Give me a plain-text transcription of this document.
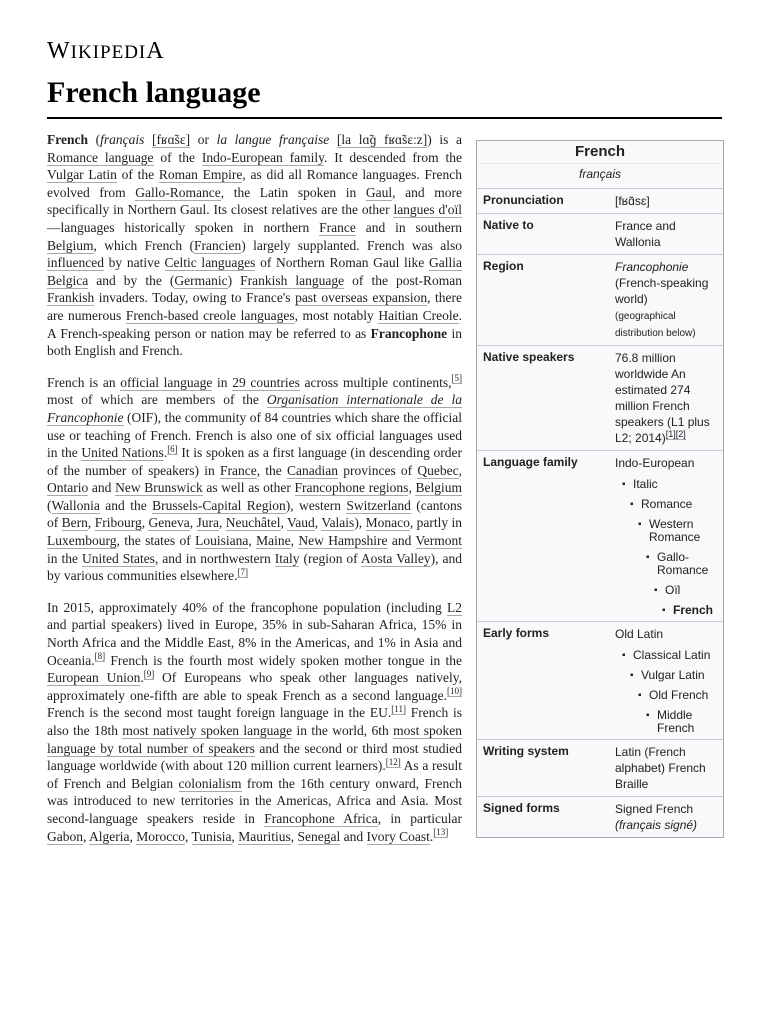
WIKIPEDIA
French language

French (français [fʁɑ̃sɛ] or la langue française [la lɑ̃ɡ fʁɑ̃sɛːz]) is a Romance language of the Indo-European family. It descended from the Vulgar Latin of the Roman Empire, as did all Romance languages. French evolved from Gallo-Romance, the Latin spoken in Gaul, and more specifically in Northern Gaul. Its closest relatives are the other langues d'oïl—languages historically spoken in northern France and in southern Belgium, which French (Francien) largely supplanted. French was also influenced by native Celtic languages of Northern Roman Gaul like Gallia Belgica and by the (Germanic) Frankish language of the post-Roman Frankish invaders. Today, owing to France's past overseas expansion, there are numerous French-based creole languages, most notably Haitian Creole. A French-speaking person or nation may be referred to as Francophone in both English and French.

French is an official language in 29 countries across multiple continents,[5] most of which are members of the Organisation internationale de la Francophonie (OIF), the community of 84 countries which share the official use or teaching of French. French is also one of six official languages used in the United Nations.[6] It is spoken as a first language (in descending order of the number of speakers) in France, the Canadian provinces of Quebec, Ontario and New Brunswick as well as other Francophone regions, Belgium (Wallonia and the Brussels-Capital Region), western Switzerland (cantons of Bern, Fribourg, Geneva, Jura, Neuchâtel, Vaud, Valais), Monaco, partly in Luxembourg, the states of Louisiana, Maine, New Hampshire and Vermont in the United States, and in northwestern Italy (region of Aosta Valley), and by various communities elsewhere.[7]

In 2015, approximately 40% of the francophone population (including L2 and partial speakers) lived in Europe, 35% in sub-Saharan Africa, 15% in North Africa and the Middle East, 8% in the Americas, and 1% in Asia and Oceania.[8] French is the fourth most widely spoken mother tongue in the European Union.[9] Of Europeans who speak other languages natively, approximately one-fifth are able to speak French as a second language.[10] French is the second most taught foreign language in the EU.[11] French is also the 18th most natively spoken language in the world, 6th most spoken language by total number of speakers and the second or third most studied language worldwide (with about 120 million current learners).[12] As a result of French and Belgian colonialism from the 16th century onward, French was introduced to new territories in the Americas, Africa and Asia. Most second-language speakers reside in Francophone Africa, in particular Gabon, Algeria, Morocco, Tunisia, Mauritius, Senegal and Ivory Coast.[13]

French
français
Pronunciation	[fʁɑ̃sɛ]
Native to	France and Wallonia
Region	Francophonie
(French-speaking world)
(geographical distribution below)
Native speakers	76.8 million worldwide An estimated 274 million French speakers (L1 plus L2; 2014)[1][2]
Language family	Indo-European
▪ Italic
▪ Romance
▪ Western Romance
▪ Gallo-Romance
▪ Oïl
▪ French
Early forms	Old Latin
▪ Classical Latin
▪ Vulgar Latin
▪ Old French
▪ Middle French
Writing system	Latin (French alphabet) French Braille
Signed forms	Signed French
(français signé)
